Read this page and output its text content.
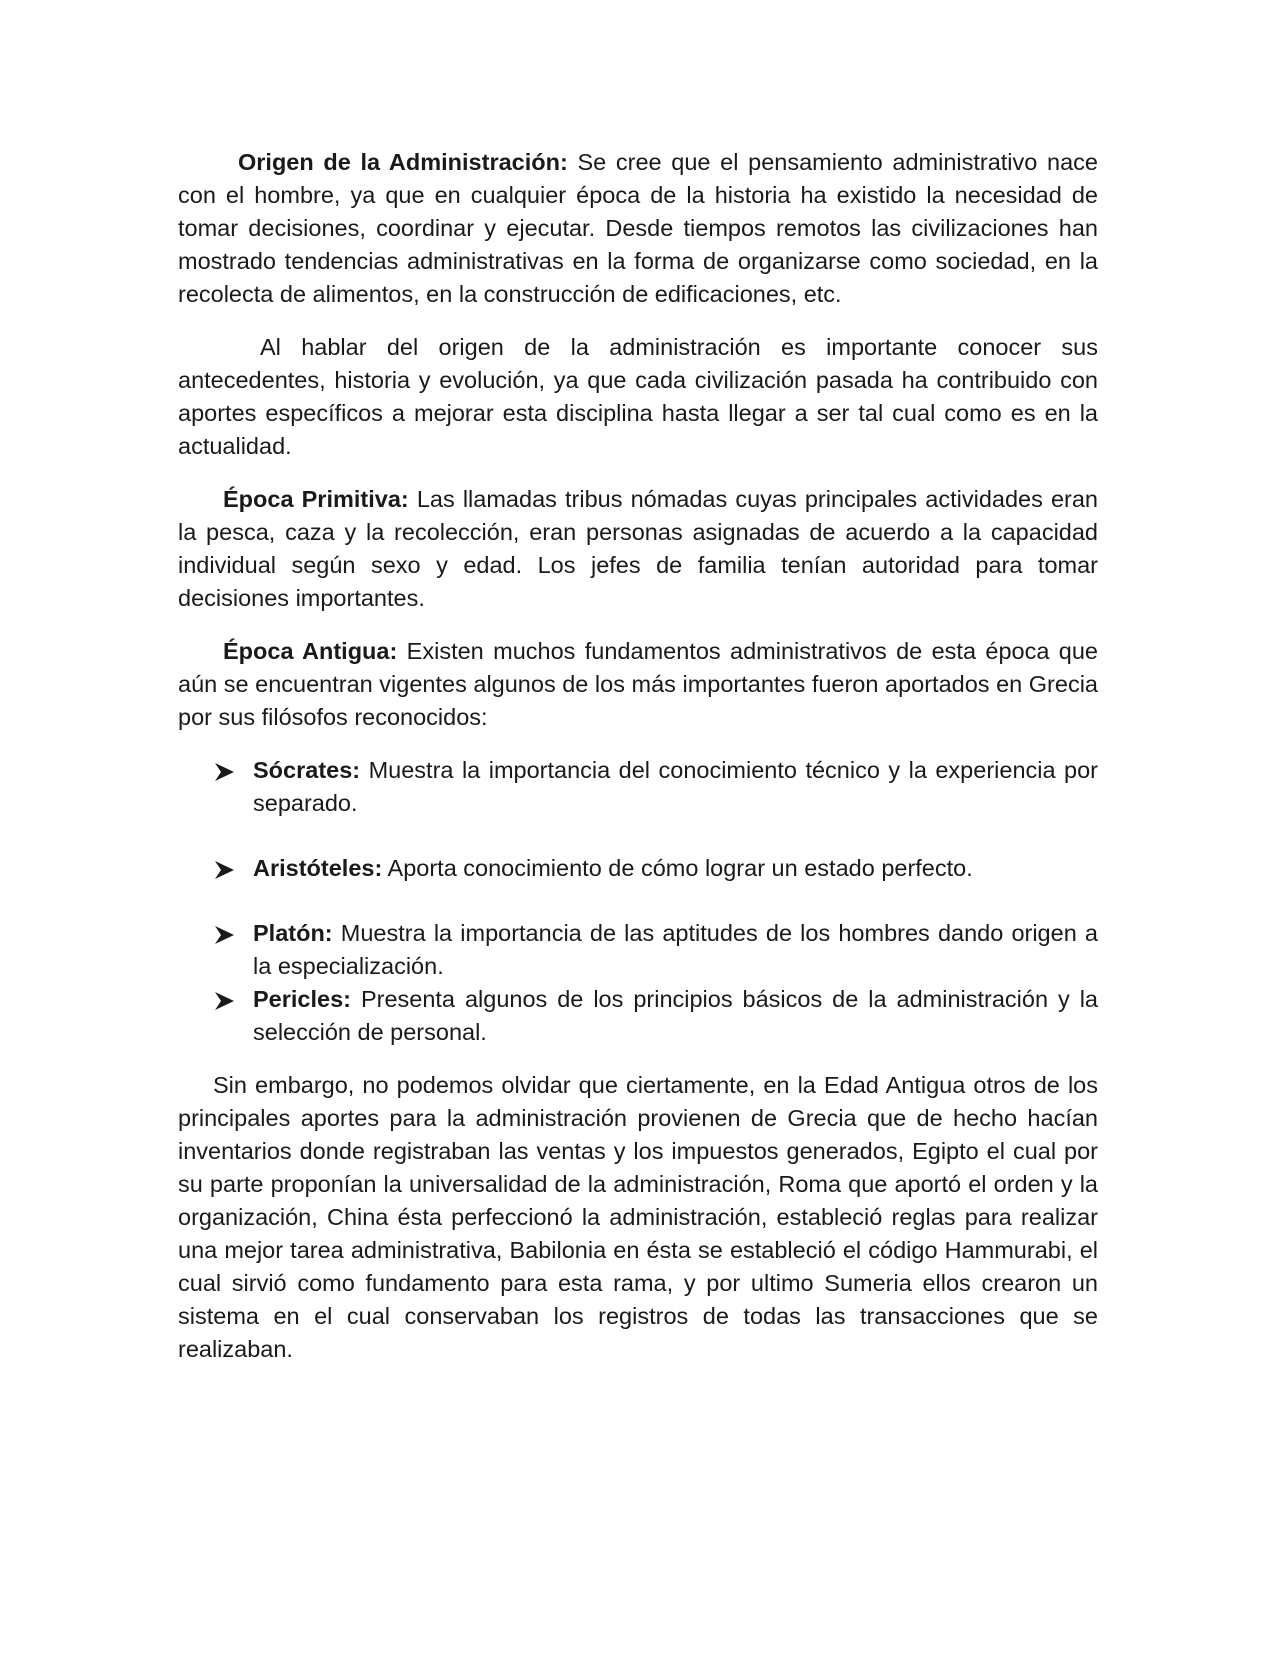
Origen de la Administración: Se cree que el pensamiento administrativo nace con el hombre, ya que en cualquier época de la historia ha existido la necesidad de tomar decisiones, coordinar y ejecutar. Desde tiempos remotos las civilizaciones han mostrado tendencias administrativas en la forma de organizarse como sociedad, en la recolecta de alimentos, en la construcción de edificaciones, etc.

Al hablar del origen de la administración es importante conocer sus antecedentes, historia y evolución, ya que cada civilización pasada ha contribuido con aportes específicos a mejorar esta disciplina hasta llegar a ser tal cual como es en la actualidad.

Época Primitiva: Las llamadas tribus nómadas cuyas principales actividades eran la pesca, caza y la recolección, eran personas asignadas de acuerdo a la capacidad individual según sexo y edad. Los jefes de familia tenían autoridad para tomar decisiones importantes.

Época Antigua: Existen muchos fundamentos administrativos de esta época que aún se encuentran vigentes algunos de los más importantes fueron aportados en Grecia por sus filósofos reconocidos:

Sócrates: Muestra la importancia del conocimiento técnico y la experiencia por separado.
Aristóteles: Aporta conocimiento de cómo lograr un estado perfecto.
Platón: Muestra la importancia de las aptitudes de los hombres dando origen a la especialización.
Pericles: Presenta algunos de los principios básicos de la administración y la selección de personal.

Sin embargo, no podemos olvidar que ciertamente, en la Edad Antigua otros de los principales aportes para la administración provienen de Grecia que de hecho hacían inventarios donde registraban las ventas y los impuestos generados, Egipto el cual por su parte proponían la universalidad de la administración, Roma que aportó el orden y la organización, China ésta perfeccionó la administración, estableció reglas para realizar una mejor tarea administrativa, Babilonia en ésta se estableció el código Hammurabi, el cual sirvió como fundamento para esta rama, y por ultimo Sumeria ellos crearon un sistema en el cual conservaban los registros de todas las transacciones que se realizaban.
